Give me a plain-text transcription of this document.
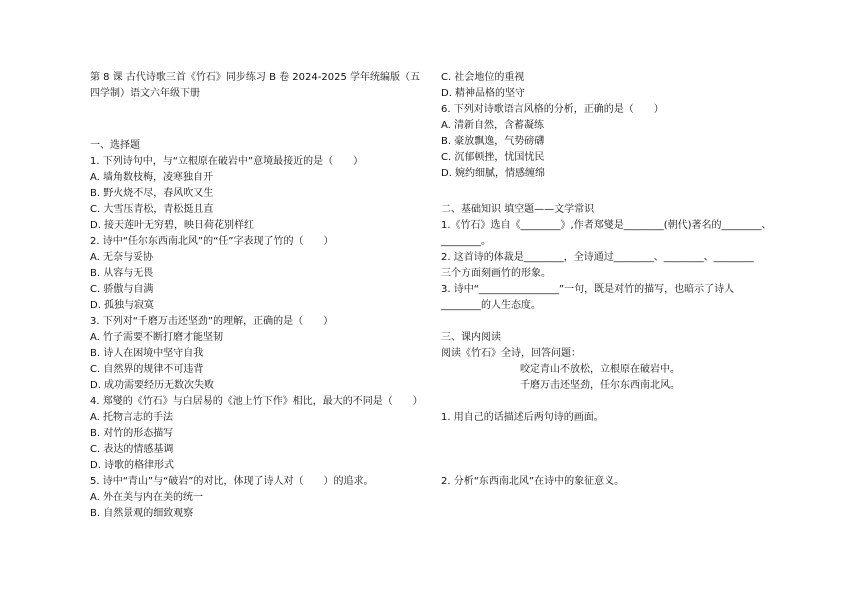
第 8 课 古代诗歌三首《竹石》同步练习 B 卷 2024-2025 学年统编版（五
四学制）语文六年级下册
一、选择题
1. 下列诗句中，与“立根原在破岩中”意境最接近的是（　　）
A. 墙角数枝梅，凌寒独自开
B. 野火烧不尽，春风吹又生
C. 大雪压青松，青松挺且直
D. 接天莲叶无穷碧，映日荷花别样红
2. 诗中“任尔东西南北风”的“任”字表现了竹的（　　）
A. 无奈与妥协
B. 从容与无畏
C. 骄傲与自满
D. 孤独与寂寞
3. 下列对“千磨万击还坚劲”的理解，正确的是（　　）
A. 竹子需要不断打磨才能坚韧
B. 诗人在困境中坚守自我
C. 自然界的规律不可违背
D. 成功需要经历无数次失败
4. 郑燮的《竹石》与白居易的《池上竹下作》相比，最大的不同是（　　）
A. 托物言志的手法
B. 对竹的形态描写
C. 表达的情感基调
D. 诗歌的格律形式
5. 诗中“青山”与“破岩”的对比，体现了诗人对（　　）的追求。
A. 外在美与内在美的统一
B. 自然景观的细致观察
C. 社会地位的重视
D. 精神品格的坚守
6. 下列对诗歌语言风格的分析，正确的是（　　）
A. 清新自然，含蓄凝练
B. 豪放飘逸，气势磅礴
C. 沉郁顿挫，忧国忧民
D. 婉约细腻，情感缠绵
二、基础知识 填空题——文学常识
1.《竹石》选自《________》,作者郑燮是________(朝代)著名的________、
________。
2. 这首诗的体裁是________，全诗通过________、________、________
三个方面刻画竹的形象。
3. 诗中“________________”一句，既是对竹的描写，也暗示了诗人
________的人生态度。
三、课内阅读
阅读《竹石》全诗，回答问题：
咬定青山不放松，立根原在破岩中。
千磨万击还坚劲，任尔东西南北风。
1. 用自己的话描述后两句诗的画面。
2. 分析“东西南北风”在诗中的象征意义。
